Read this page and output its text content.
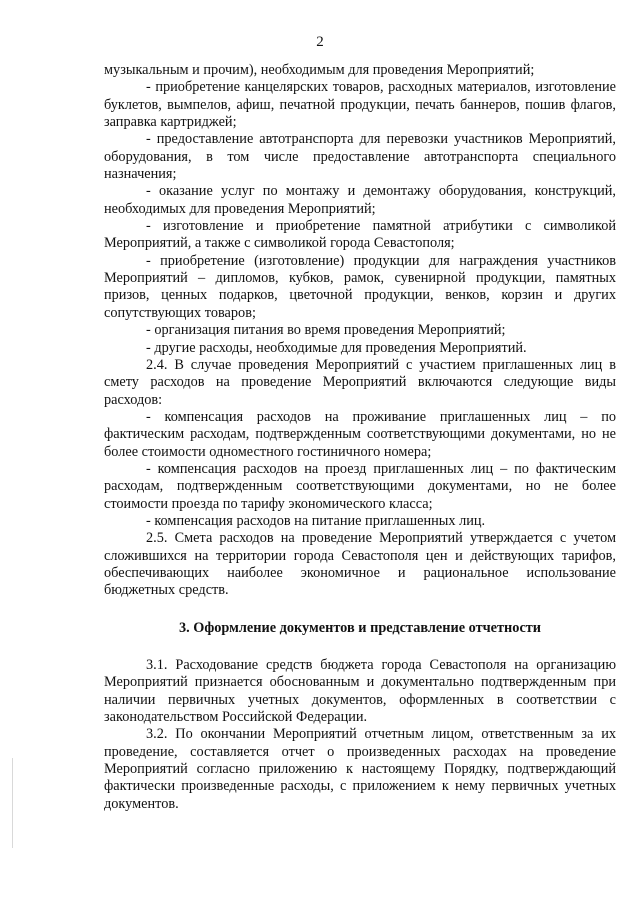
2

музыкальным и прочим), необходимым для проведения Мероприятий;

- приобретение канцелярских товаров, расходных материалов, изготовление буклетов, вымпелов, афиш, печатной продукции, печать баннеров, пошив флагов, заправка картриджей;

- предоставление автотранспорта для перевозки участников Мероприятий, оборудования, в том числе предоставление автотранспорта специального назначения;

- оказание услуг по монтажу и демонтажу оборудования, конструкций, необходимых для проведения Мероприятий;

- изготовление и приобретение памятной атрибутики с символикой Мероприятий, а также с символикой города Севастополя;

- приобретение (изготовление) продукции для награждения участников Мероприятий – дипломов, кубков, рамок, сувенирной продукции, памятных призов, ценных подарков, цветочной продукции, венков, корзин и других сопутствующих товаров;

- организация питания во время проведения Мероприятий;

- другие расходы, необходимые для проведения Мероприятий.

2.4. В случае проведения Мероприятий с участием приглашенных лиц в смету расходов на проведение Мероприятий включаются следующие виды расходов:

- компенсация расходов на проживание приглашенных лиц – по фактическим расходам, подтвержденным соответствующими документами, но не более стоимости одноместного гостиничного номера;

- компенсация расходов на проезд приглашенных лиц – по фактическим расходам, подтвержденным соответствующими документами, но не более стоимости проезда по тарифу экономического класса;

- компенсация расходов на питание приглашенных лиц.

2.5. Смета расходов на проведение Мероприятий утверждается с учетом сложившихся на территории города Севастополя цен и действующих тарифов, обеспечивающих наиболее экономичное и рациональное использование бюджетных средств.

3. Оформление документов и представление отчетности

3.1. Расходование средств бюджета города Севастополя на организацию Мероприятий признается обоснованным и документально подтвержденным при наличии первичных учетных документов, оформленных в соответствии с законодательством Российской Федерации.

3.2. По окончании Мероприятий отчетным лицом, ответственным за их проведение, составляется отчет о произведенных расходах на проведение Мероприятий согласно приложению к настоящему Порядку, подтверждающий фактически произведенные расходы, с приложением к нему первичных учетных документов.
